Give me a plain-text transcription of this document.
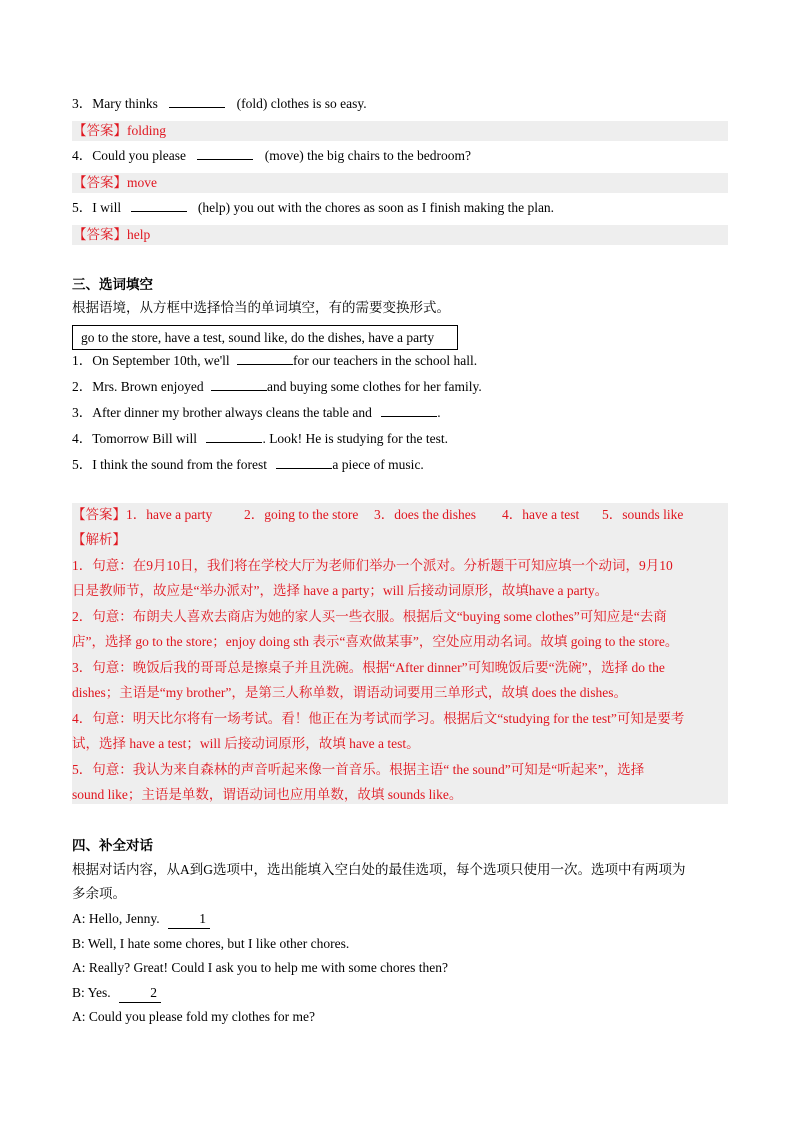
3．Mary thinks	(fold) clothes is so easy.
【答案】folding
4．Could you please	(move) the big chairs to the bedroom?
【答案】move
5．I will	(help) you out with the chores as soon as I finish making the plan.
【答案】help
三、选词填空
根据语境，从方框中选择恰当的单词填空，有的需要变换形式。
go to the store, have a test, sound like, do the dishes, have a party
1．On September 10th, we'll	for our teachers in the school hall.
2．Mrs. Brown enjoyed	and buying some clothes for her family.
3．After dinner my brother always cleans the table and	.
4．Tomorrow Bill will	. Look! He is studying for the test.
5．I think the sound from the forest	a piece of music.
【答案】1．have a party 2．going to the store 3．does the dishes 4．have a test 5．sounds like
【解析】
1．句意：在9月10日，我们将在学校大厅为老师们举办一个派对。分析题干可知应填一个动词，9月10
日是教师节，故应是“举办派对”，选择 have a party；will 后接动词原形，故填have a party。
2．句意：布朗夫人喜欢去商店为她的家人买一些衣服。根据后文“buying some clothes”可知应是“去商
店”，选择 go to the store；enjoy doing sth 表示“喜欢做某事”，空处应用动名词。故填 going to the store。
3．句意：晚饭后我的哥哥总是擦桌子并且洗碗。根据“After dinner”可知晚饭后要“洗碗”，选择 do the
dishes；主语是“my brother”，是第三人称单数，谓语动词要用三单形式，故填 does the dishes。
4．句意：明天比尔将有一场考试。看！他正在为考试而学习。根据后文“studying for the test”可知是要考
试，选择 have a test；will 后接动词原形，故填 have a test。
5．句意：我认为来自森林的声音听起来像一首音乐。根据主语“ the sound”可知是“听起来”，选择
sound like；主语是单数，谓语动词也应用单数，故填 sounds like。
四、补全对话
根据对话内容，从A到G选项中，选出能填入空白处的最佳选项，每个选项只使用一次。选项中有两项为
多余项。
A: Hello, Jenny.	1
B: Well, I hate some chores, but I like other chores.
A: Really? Great! Could I ask you to help me with some chores then?
B: Yes.	2
A: Could you please fold my clothes for me?
